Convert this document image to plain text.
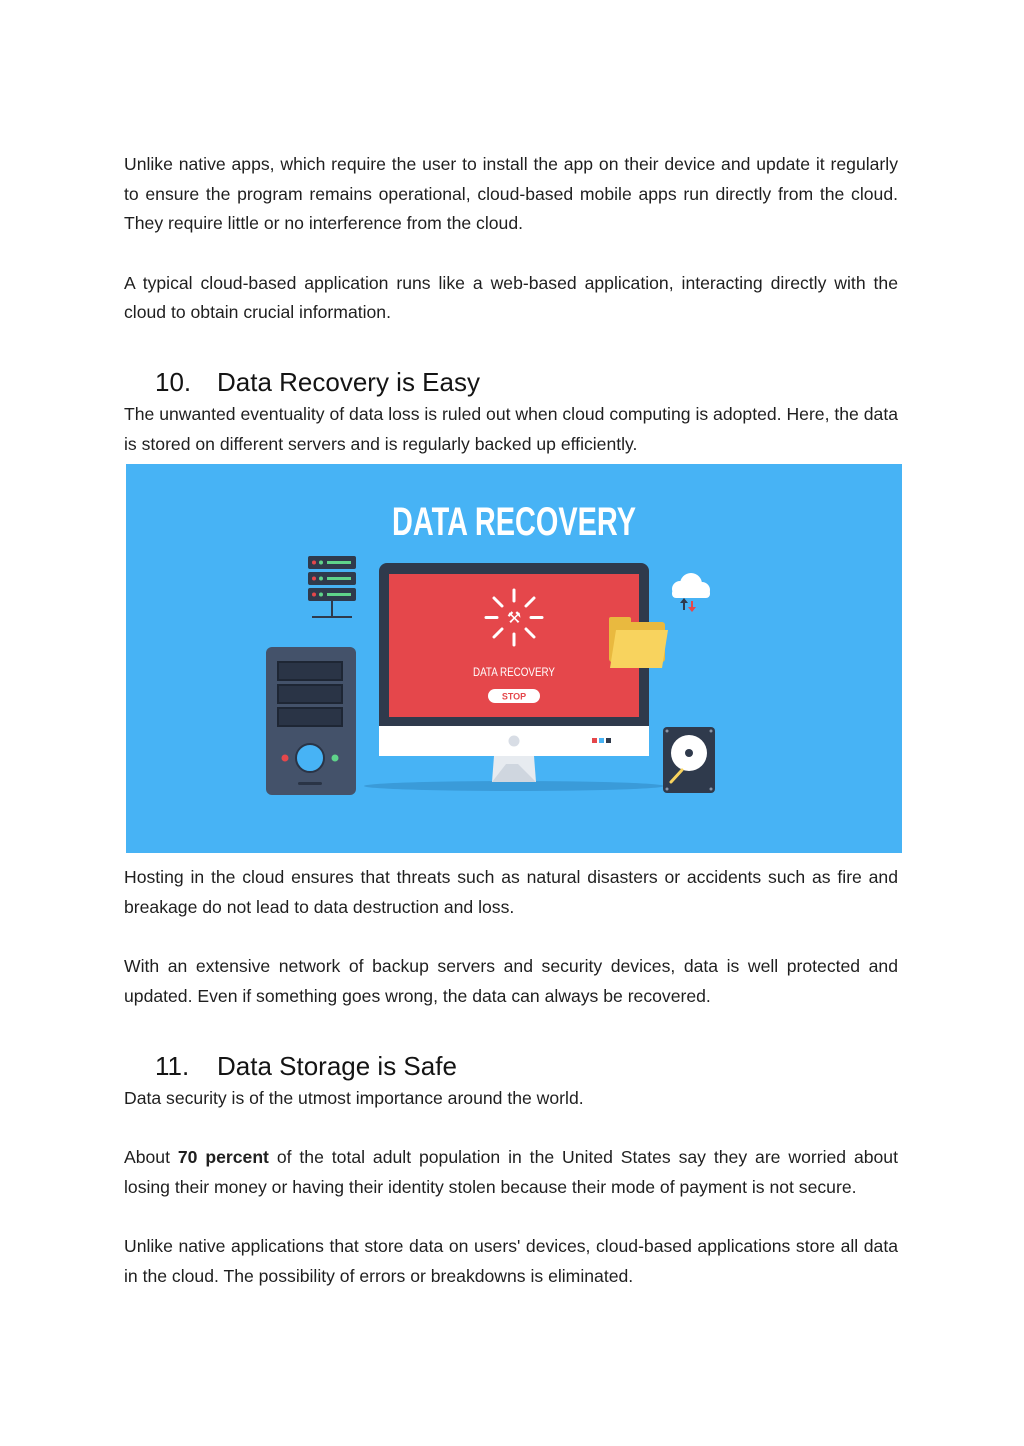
Unlike native apps, which require the user to install the app on their device and update it regularly to ensure the program remains operational, cloud-based mobile apps run directly from the cloud. They require little or no interference from the cloud.

A typical cloud-based application runs like a web-based application, interacting directly with the cloud to obtain crucial information.

10. Data Recovery is Easy

The unwanted eventuality of data loss is ruled out when cloud computing is adopted. Here, the data is stored on different servers and is regularly backed up efficiently.

DATA RECOVERY
⚒
DATA RECOVERY
STOP

Hosting in the cloud ensures that threats such as natural disasters or accidents such as fire and breakage do not lead to data destruction and loss.

With an extensive network of backup servers and security devices, data is well protected and updated. Even if something goes wrong, the data can always be recovered.

11.	Data Storage is Safe

Data security is of the utmost importance around the world.

About 70 percent of the total adult population in the United States say they are worried about losing their money or having their identity stolen because their mode of payment is not secure.

Unlike native applications that store data on users' devices, cloud-based applications store all data in the cloud. The possibility of errors or breakdowns is eliminated.
